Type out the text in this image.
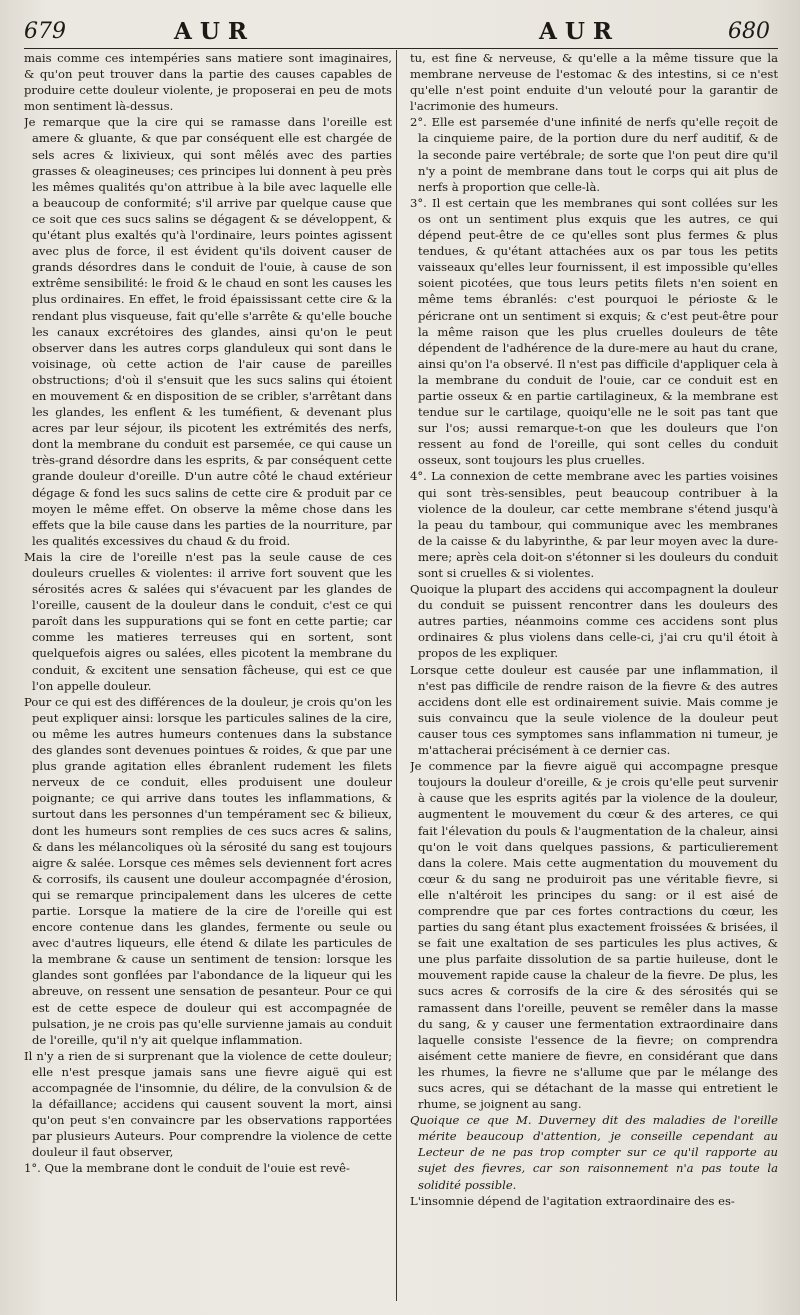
679	AUR	AUR	680

mais comme ces intempéries sans matiere sont imaginaires, & qu'on peut trouver dans la partie des causes capables de produire cette douleur violente, je proposerai en peu de mots mon sentiment là-dessus.

Je remarque que la cire qui se ramasse dans l'oreille est amere & gluante, & que par conséquent elle est chargée de sels acres & lixivieux, qui sont mêlés avec des parties grasses & oleagineuses; ces principes lui donnent à peu près les mêmes qualités qu'on attribue à la bile avec laquelle elle a beaucoup de conformité; s'il arrive par quelque cause que ce soit que ces sucs salins se dégagent & se développent, & qu'étant plus exaltés qu'à l'ordinaire, leurs pointes agissent avec plus de force, il est évident qu'ils doivent causer de grands désordres dans le conduit de l'ouie, à cause de son extrême sensibilité: le froid & le chaud en sont les causes les plus ordinaires. En effet, le froid épaississant cette cire & la rendant plus visqueuse, fait qu'elle s'arrête & qu'elle bouche les canaux excrétoires des glandes, ainsi qu'on le peut observer dans les autres corps glanduleux qui sont dans le voisinage, où cette action de l'air cause de pareilles obstructions; d'où il s'ensuit que les sucs salins qui étoient en mouvement & en disposition de se cribler, s'arrêtant dans les glandes, les enflent & les tuméfient, & devenant plus acres par leur séjour, ils picotent les extrémités des nerfs, dont la membrane du conduit est parsemée, ce qui cause un très-grand désordre dans les esprits, & par conséquent cette grande douleur d'oreille. D'un autre côté le chaud extérieur dégage & fond les sucs salins de cette cire & produit par ce moyen le même effet. On observe la même chose dans les effets que la bile cause dans les parties de la nourriture, par les qualités excessives du chaud & du froid.

Mais la cire de l'oreille n'est pas la seule cause de ces douleurs cruelles & violentes: il arrive fort souvent que les sérosités acres & salées qui s'évacuent par les glandes de l'oreille, causent de la douleur dans le conduit, c'est ce qui paroît dans les suppurations qui se font en cette partie; car comme les matieres terreuses qui en sortent, sont quelquefois aigres ou salées, elles picotent la membrane du conduit, & excitent une sensation fâcheuse, qui est ce que l'on appelle douleur.

Pour ce qui est des différences de la douleur, je crois qu'on les peut expliquer ainsi: lorsque les particules salines de la cire, ou même les autres humeurs contenues dans la substance des glandes sont devenues pointues & roides, & que par une plus grande agitation elles ébranlent rudement les filets nerveux de ce conduit, elles produisent une douleur poignante; ce qui arrive dans toutes les inflammations, & surtout dans les personnes d'un tempérament sec & bilieux, dont les humeurs sont remplies de ces sucs acres & salins, & dans les mélancoliques où la sérosité du sang est toujours aigre & salée. Lorsque ces mêmes sels deviennent fort acres & corrosifs, ils causent une douleur accompagnée d'érosion, qui se remarque principalement dans les ulceres de cette partie. Lorsque la matiere de la cire de l'oreille qui est encore contenue dans les glandes, fermente ou seule ou avec d'autres liqueurs, elle étend & dilate les particules de la membrane & cause un sentiment de tension: lorsque les glandes sont gonflées par l'abondance de la liqueur qui les abreuve, on ressent une sensation de pesanteur. Pour ce qui est de cette espece de douleur qui est accompagnée de pulsation, je ne crois pas qu'elle survienne jamais au conduit de l'oreille, qu'il n'y ait quelque inflammation.

Il n'y a rien de si surprenant que la violence de cette douleur; elle n'est presque jamais sans une fievre aiguë qui est accompagnée de l'insomnie, du délire, de la convulsion & de la défaillance; accidens qui causent souvent la mort, ainsi qu'on peut s'en convaincre par les observations rapportées par plusieurs Auteurs. Pour comprendre la violence de cette douleur il faut observer,

1°. Que la membrane dont le conduit de l'ouie est revê-

tu, est fine & nerveuse, & qu'elle a la même tissure que la membrane nerveuse de l'estomac & des intestins, si ce n'est qu'elle n'est point enduite d'un velouté pour la garantir de l'acrimonie des humeurs.

2°. Elle est parsemée d'une infinité de nerfs qu'elle reçoit de la cinquieme paire, de la portion dure du nerf auditif, & de la seconde paire vertébrale; de sorte que l'on peut dire qu'il n'y a point de membrane dans tout le corps qui ait plus de nerfs à proportion que celle-là.

3°. Il est certain que les membranes qui sont collées sur les os ont un sentiment plus exquis que les autres, ce qui dépend peut-être de ce qu'elles sont plus fermes & plus tendues, & qu'étant attachées aux os par tous les petits vaisseaux qu'elles leur fournissent, il est impossible qu'elles soient picotées, que tous leurs petits filets n'en soient en même tems ébranlés: c'est pourquoi le périoste & le péricrane ont un sentiment si exquis; & c'est peut-être pour la même raison que les plus cruelles douleurs de tête dépendent de l'adhérence de la dure-mere au haut du crane, ainsi qu'on l'a observé. Il n'est pas difficile d'appliquer cela à la membrane du conduit de l'ouie, car ce conduit est en partie osseux & en partie cartilagineux, & la membrane est tendue sur le cartilage, quoiqu'elle ne le soit pas tant que sur l'os; aussi remarque-t-on que les douleurs que l'on ressent au fond de l'oreille, qui sont celles du conduit osseux, sont toujours les plus cruelles.

4°. La connexion de cette membrane avec les parties voisines qui sont très-sensibles, peut beaucoup contribuer à la violence de la douleur, car cette membrane s'étend jusqu'à la peau du tambour, qui communique avec les membranes de la caisse & du labyrinthe, & par leur moyen avec la dure-mere; après cela doit-on s'étonner si les douleurs du conduit sont si cruelles & si violentes.

Quoique la plupart des accidens qui accompagnent la douleur du conduit se puissent rencontrer dans les douleurs des autres parties, néanmoins comme ces accidens sont plus ordinaires & plus violens dans celle-ci, j'ai cru qu'il étoit à propos de les expliquer.

Lorsque cette douleur est causée par une inflammation, il n'est pas difficile de rendre raison de la fievre & des autres accidens dont elle est ordinairement suivie. Mais comme je suis convaincu que la seule violence de la douleur peut causer tous ces symptomes sans inflammation ni tumeur, je m'attacherai précisément à ce dernier cas.

Je commence par la fievre aiguë qui accompagne presque toujours la douleur d'oreille, & je crois qu'elle peut survenir à cause que les esprits agités par la violence de la douleur, augmentent le mouvement du cœur & des arteres, ce qui fait l'élevation du pouls & l'augmentation de la chaleur, ainsi qu'on le voit dans quelques passions, & particulierement dans la colere. Mais cette augmentation du mouvement du cœur & du sang ne produiroit pas une véritable fievre, si elle n'altéroit les principes du sang: or il est aisé de comprendre que par ces fortes contractions du cœur, les parties du sang étant plus exactement froissées & brisées, il se fait une exaltation de ses particules les plus actives, & une plus parfaite dissolution de sa partie huileuse, dont le mouvement rapide cause la chaleur de la fievre. De plus, les sucs acres & corrosifs de la cire & des sérosités qui se ramassent dans l'oreille, peuvent se remêler dans la masse du sang, & y causer une fermentation extraordinaire dans laquelle consiste l'essence de la fievre; on comprendra aisément cette maniere de fievre, en considérant que dans les rhumes, la fievre ne s'allume que par le mélange des sucs acres, qui se détachant de la masse qui entretient le rhume, se joignent au sang.

Quoique ce que M. Duverney dit des maladies de l'oreille mérite beaucoup d'attention, je conseille cependant au Lecteur de ne pas trop compter sur ce qu'il rapporte au sujet des fievres, car son raisonnement n'a pas toute la solidité possible.

L'insomnie dépend de l'agitation extraordinaire des es-
